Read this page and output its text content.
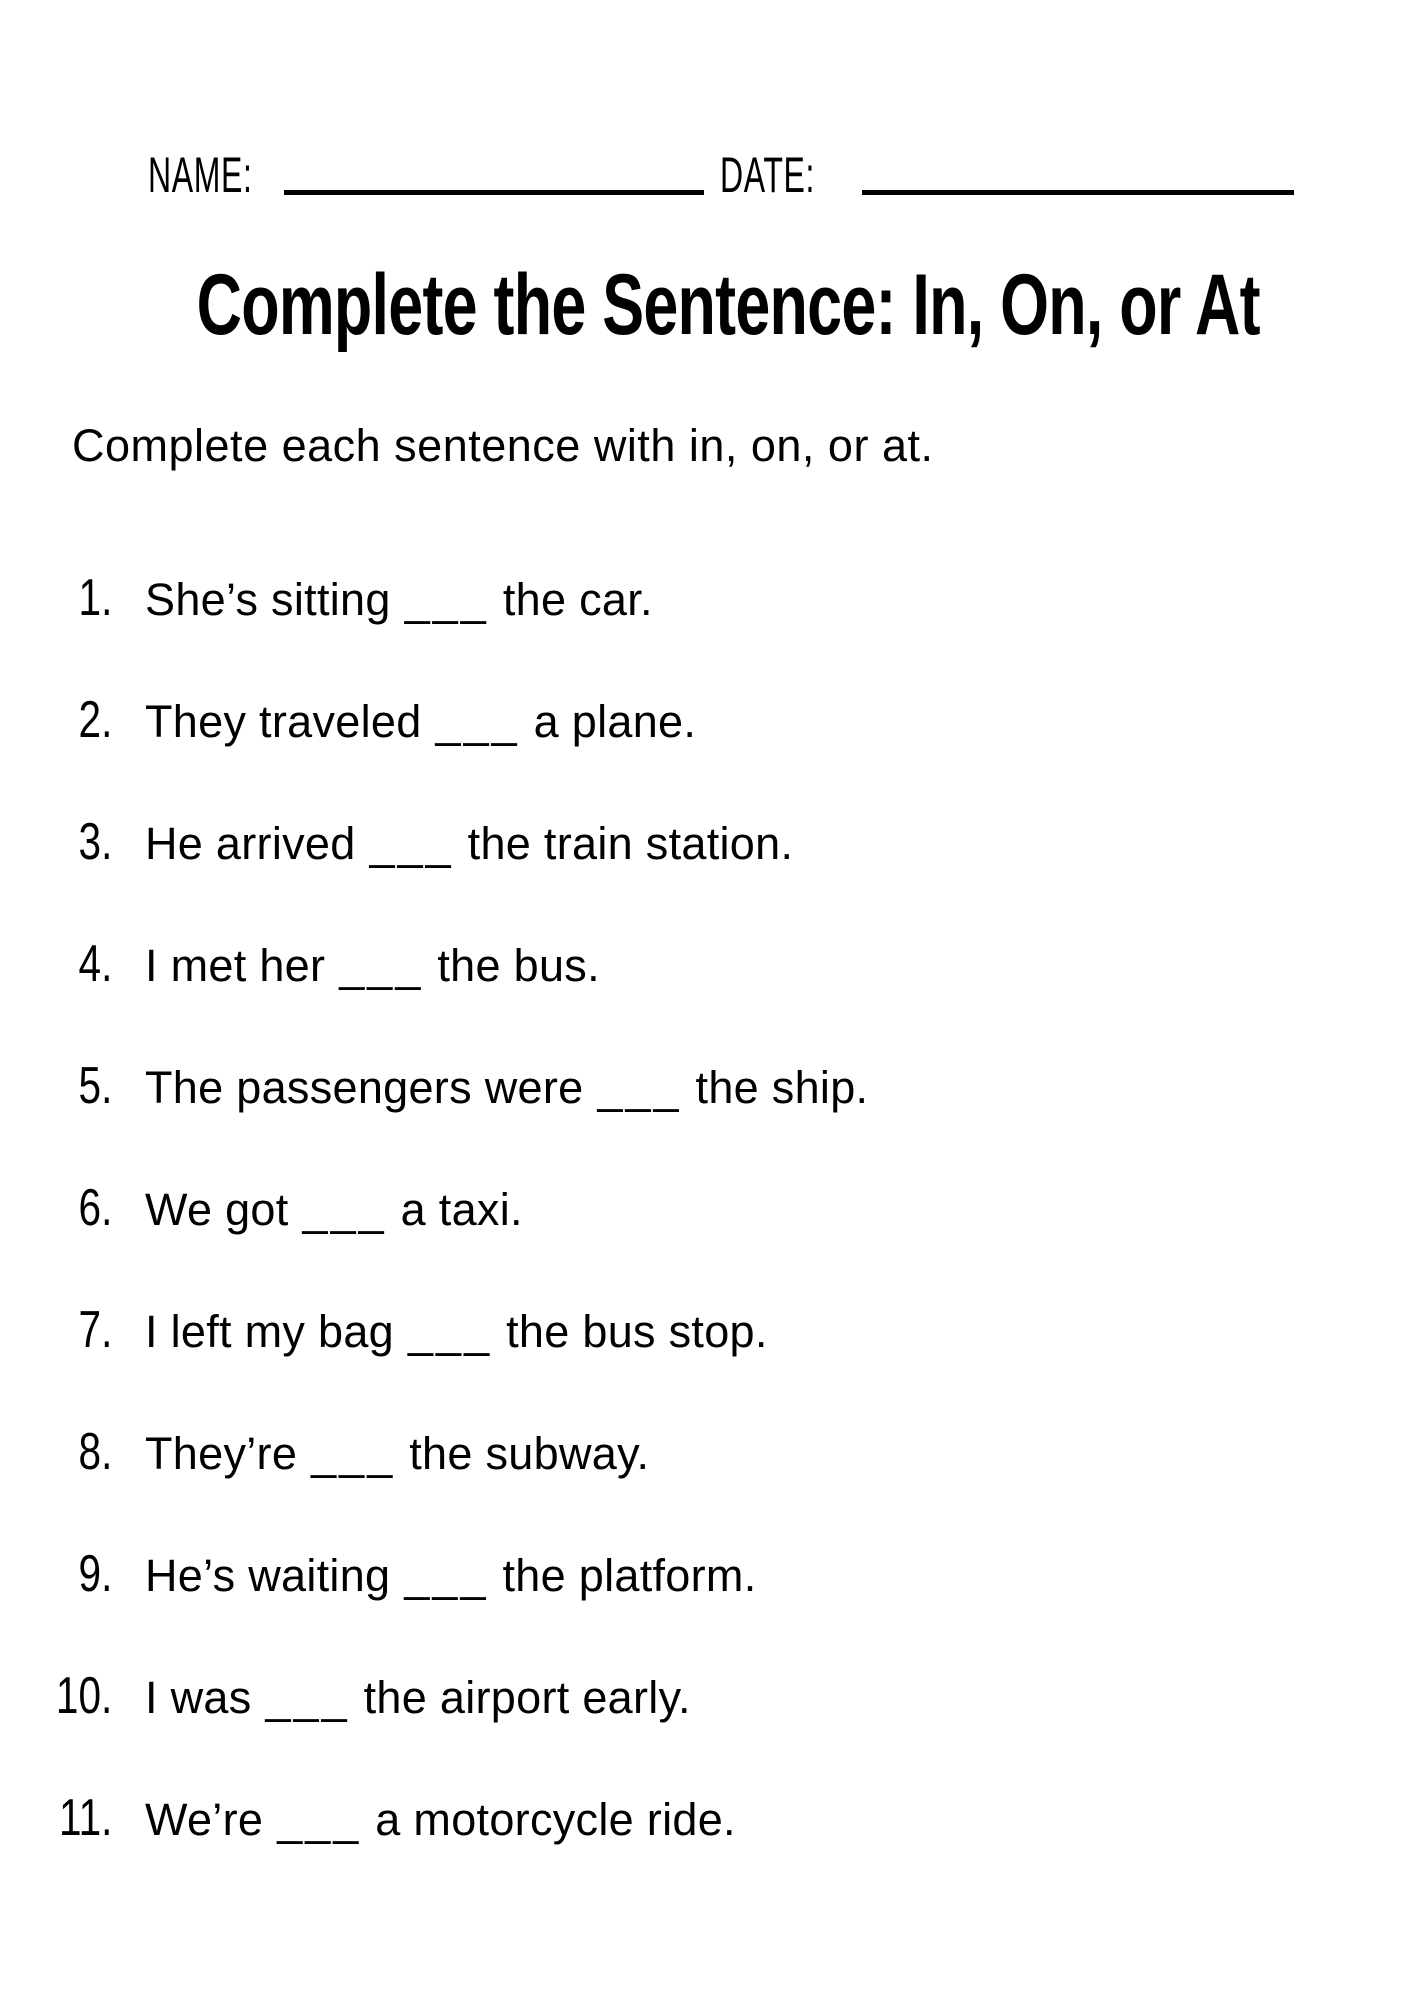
NAME:	DATE:
Complete the Sentence: In, On, or At
Complete each sentence with in, on, or at.
1. She’s sitting ___ the car.
2. They traveled ___ a plane.
3. He arrived ___ the train station.
4. I met her ___ the bus.
5. The passengers were ___ the ship.
6. We got ___ a taxi.
7. I left my bag ___ the bus stop.
8. They’re ___ the subway.
9. He’s waiting ___ the platform.
10. I was ___ the airport early.
11. We’re ___ a motorcycle ride.
